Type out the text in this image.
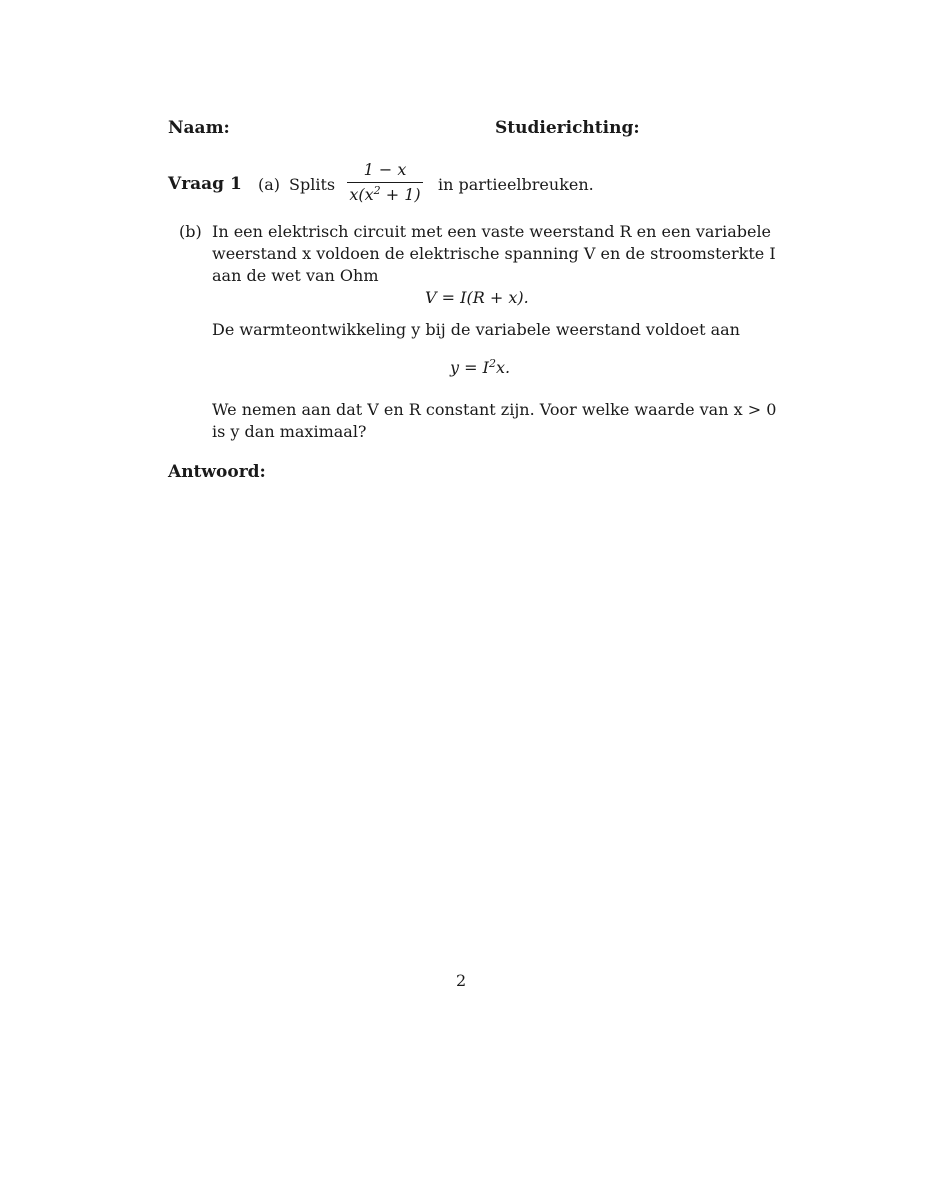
Naam:	Studierichting:
Vraag 1 (a) Splits
1 − x
$x(x^2 + 1)$
in partieelbreuken.
(b) In een elektrisch circuit met een vaste weerstand R en een variabele
weerstand x voldoen de elektrische spanning V en de stroomsterkte I
aan de wet van Ohm
V = I(R + x).
De warmteontwikkeling y bij de variabele weerstand voldoet aan
$y = I^2x$.
We nemen aan dat V en R constant zijn. Voor welke waarde van x > 0
is y dan maximaal?
Antwoord:
2
